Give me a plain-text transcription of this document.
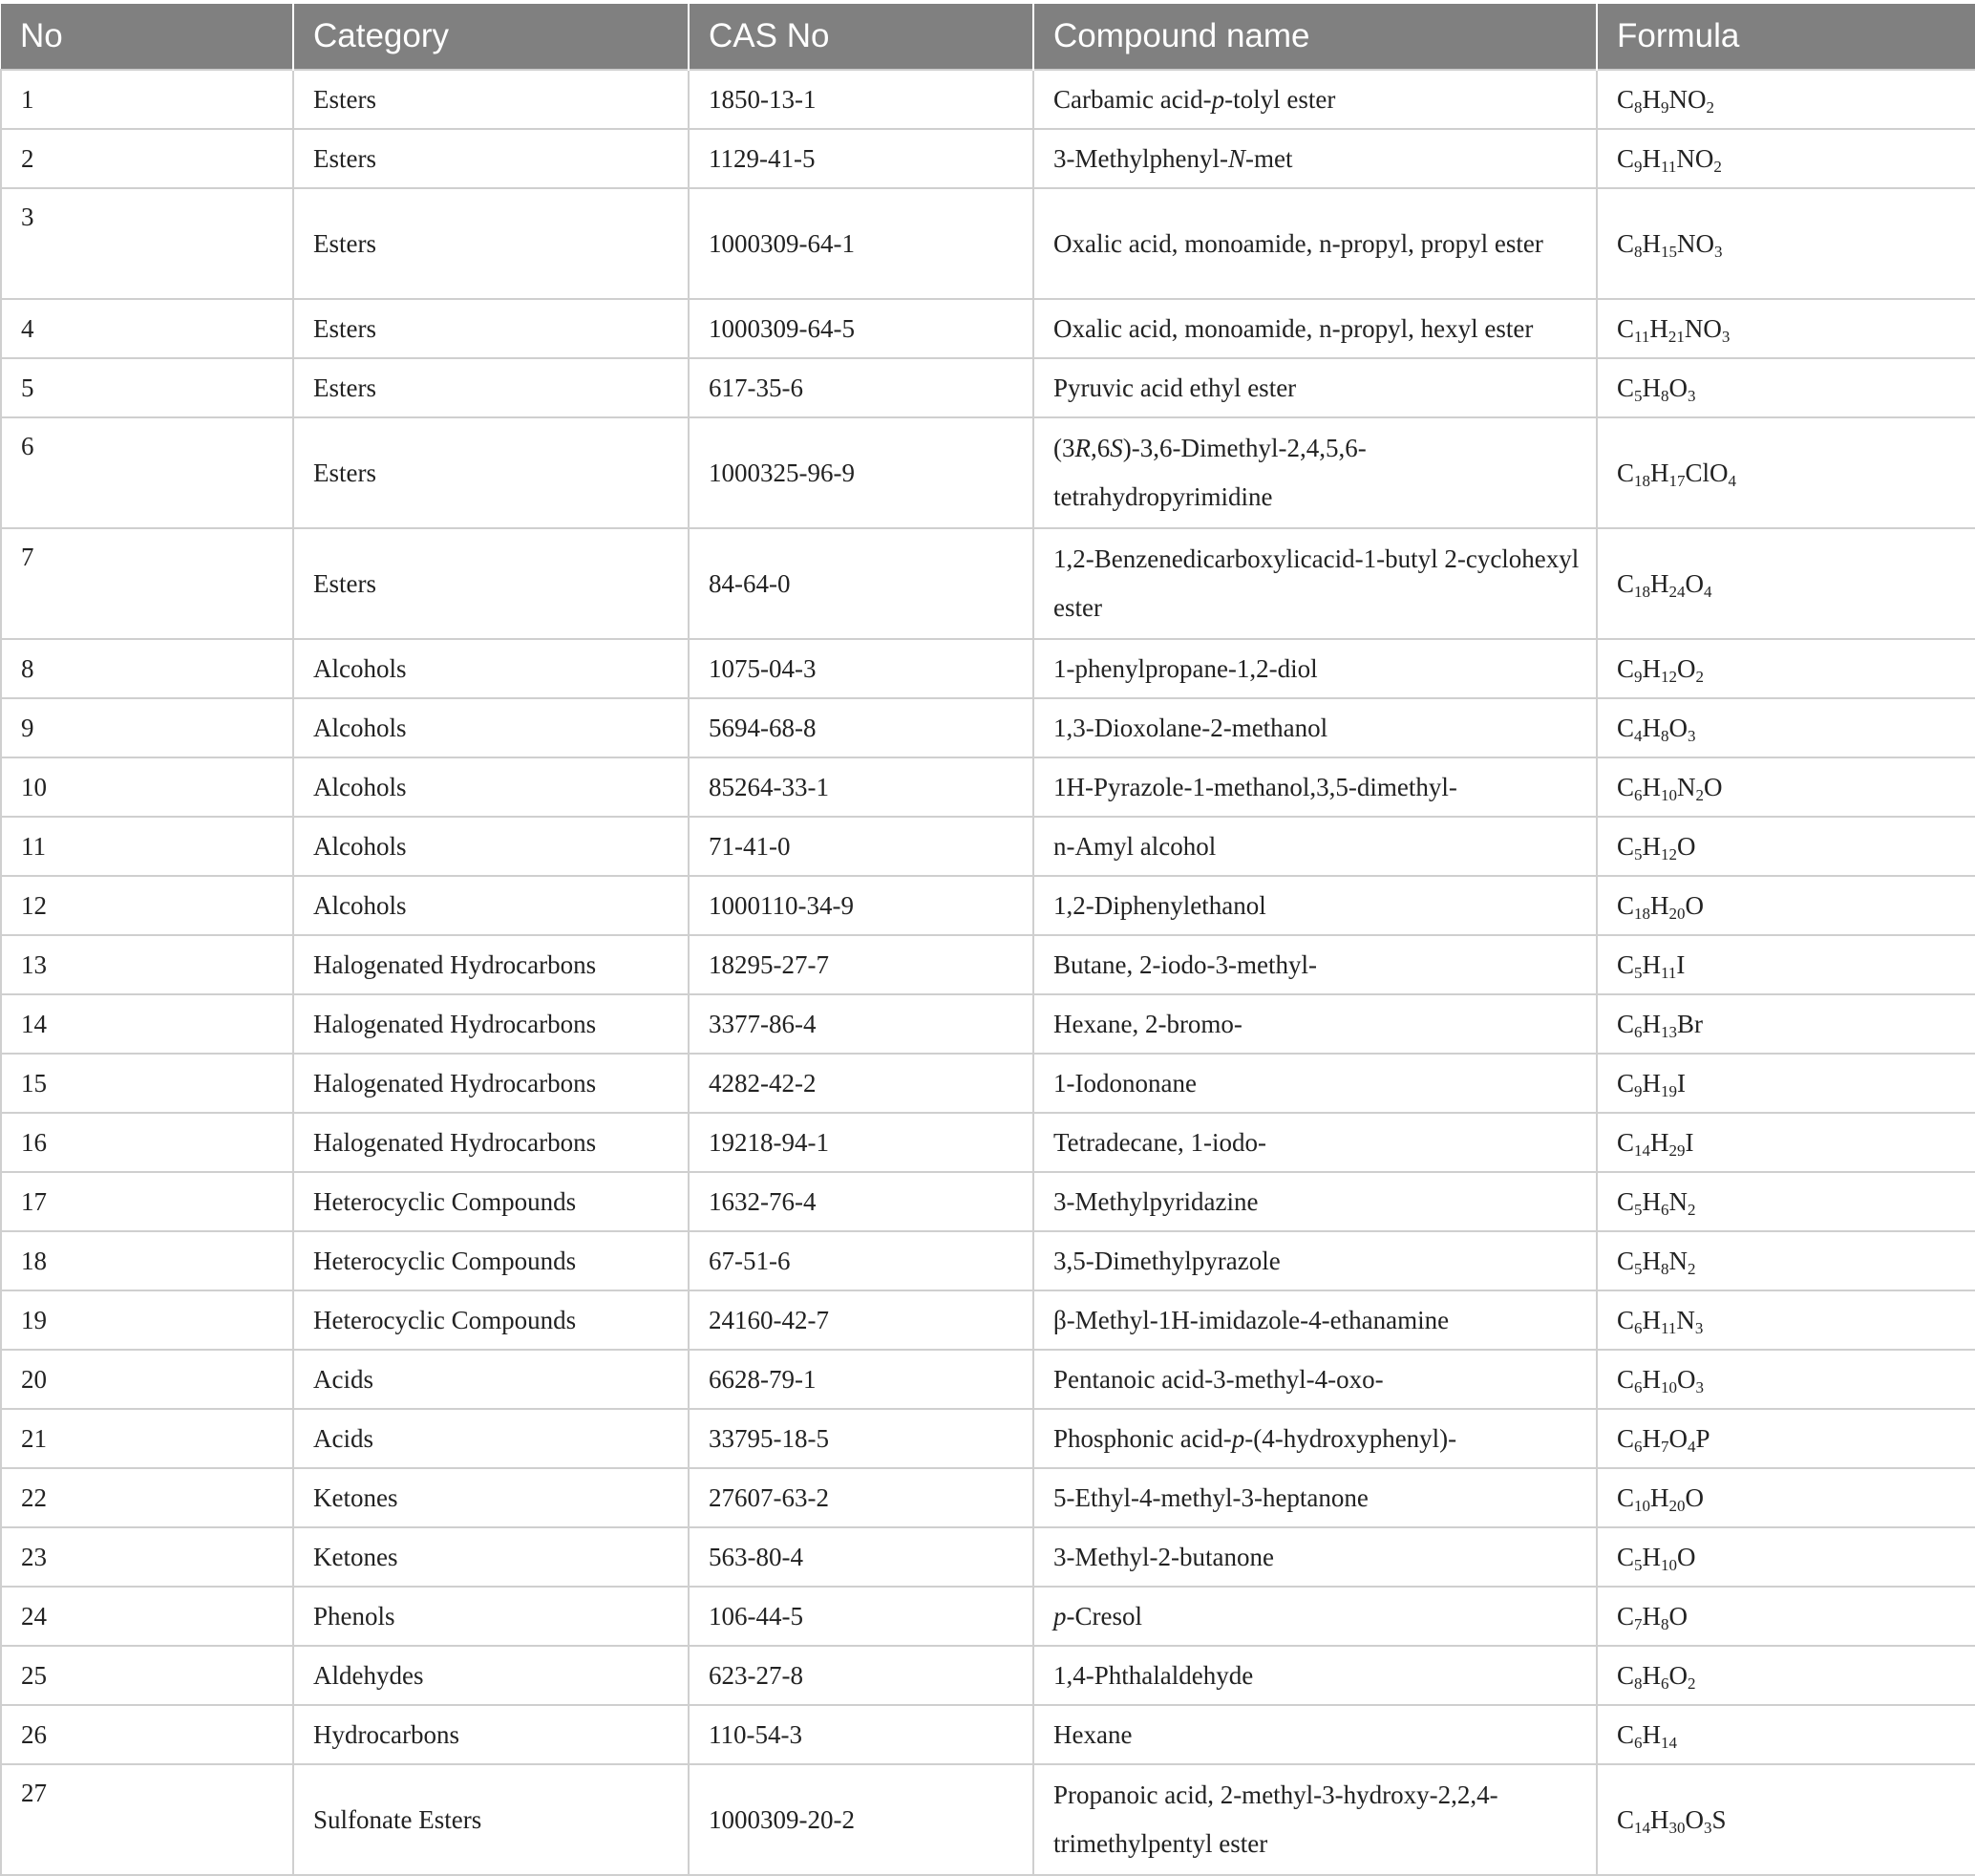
No	Category	CAS No	Compound name	Formula
1	Esters	1850-13-1	Carbamic acid-p-tolyl ester	$C_8H_9NO_2$
2	Esters	1129-41-5	3-Methylphenyl-N-met	$C_9H_{11}NO_2$
3	Esters	1000309-64-1	Oxalic acid, monoamide, n-propyl, propyl ester	$C_8H_{15}NO_3$
4	Esters	1000309-64-5	Oxalic acid, monoamide, n-propyl, hexyl ester	$C_{11}H_{21}NO_3$
5	Esters	617-35-6	Pyruvic acid ethyl ester	$C_5H_8O_3$
6	Esters	1000325-96-9	(3R,6S)-3,6-Dimethyl-2,4,5,6-tetrahydropyrimidine	$C_{18}H_{17}ClO_4$
7	Esters	84-64-0	1,2-Benzenedicarboxylicacid-1-butyl 2-cyclohexyl ester	$C_{18}H_{24}O_4$
8	Alcohols	1075-04-3	1-phenylpropane-1,2-diol	$C_9H_{12}O_2$
9	Alcohols	5694-68-8	1,3-Dioxolane-2-methanol	$C_4H_8O_3$
10	Alcohols	85264-33-1	1H-Pyrazole-1-methanol,3,5-dimethyl-	$C_6H_{10}N_2O$
11	Alcohols	71-41-0	n-Amyl alcohol	$C_5H_{12}O$
12	Alcohols	1000110-34-9	1,2-Diphenylethanol	$C_{18}H_{20}O$
13	Halogenated Hydrocarbons	18295-27-7	Butane, 2-iodo-3-methyl-	$C_5H_{11}I$
14	Halogenated Hydrocarbons	3377-86-4	Hexane, 2-bromo-	$C_6H_{13}Br$
15	Halogenated Hydrocarbons	4282-42-2	1-Iodononane	$C_9H_{19}I$
16	Halogenated Hydrocarbons	19218-94-1	Tetradecane, 1-iodo-	$C_{14}H_{29}I$
17	Heterocyclic Compounds	1632-76-4	3-Methylpyridazine	$C_5H_6N_2$
18	Heterocyclic Compounds	67-51-6	3,5-Dimethylpyrazole	$C_5H_8N_2$
19	Heterocyclic Compounds	24160-42-7	β-Methyl-1H-imidazole-4-ethanamine	$C_6H_{11}N_3$
20	Acids	6628-79-1	Pentanoic acid-3-methyl-4-oxo-	$C_6H_{10}O_3$
21	Acids	33795-18-5	Phosphonic acid-p-(4-hydroxyphenyl)-	$C_6H_7O_4P$
22	Ketones	27607-63-2	5-Ethyl-4-methyl-3-heptanone	$C_{10}H_{20}O$
23	Ketones	563-80-4	3-Methyl-2-butanone	$C_5H_{10}O$
24	Phenols	106-44-5	p-Cresol	$C_7H_8O$
25	Aldehydes	623-27-8	1,4-Phthalaldehyde	$C_8H_6O_2$
26	Hydrocarbons	110-54-3	Hexane	$C_6H_{14}$
27	Sulfonate Esters	1000309-20-2	Propanoic acid, 2-methyl-3-hydroxy-2,2,4-trimethylpentyl ester	$C_{14}H_{30}O_3S$
